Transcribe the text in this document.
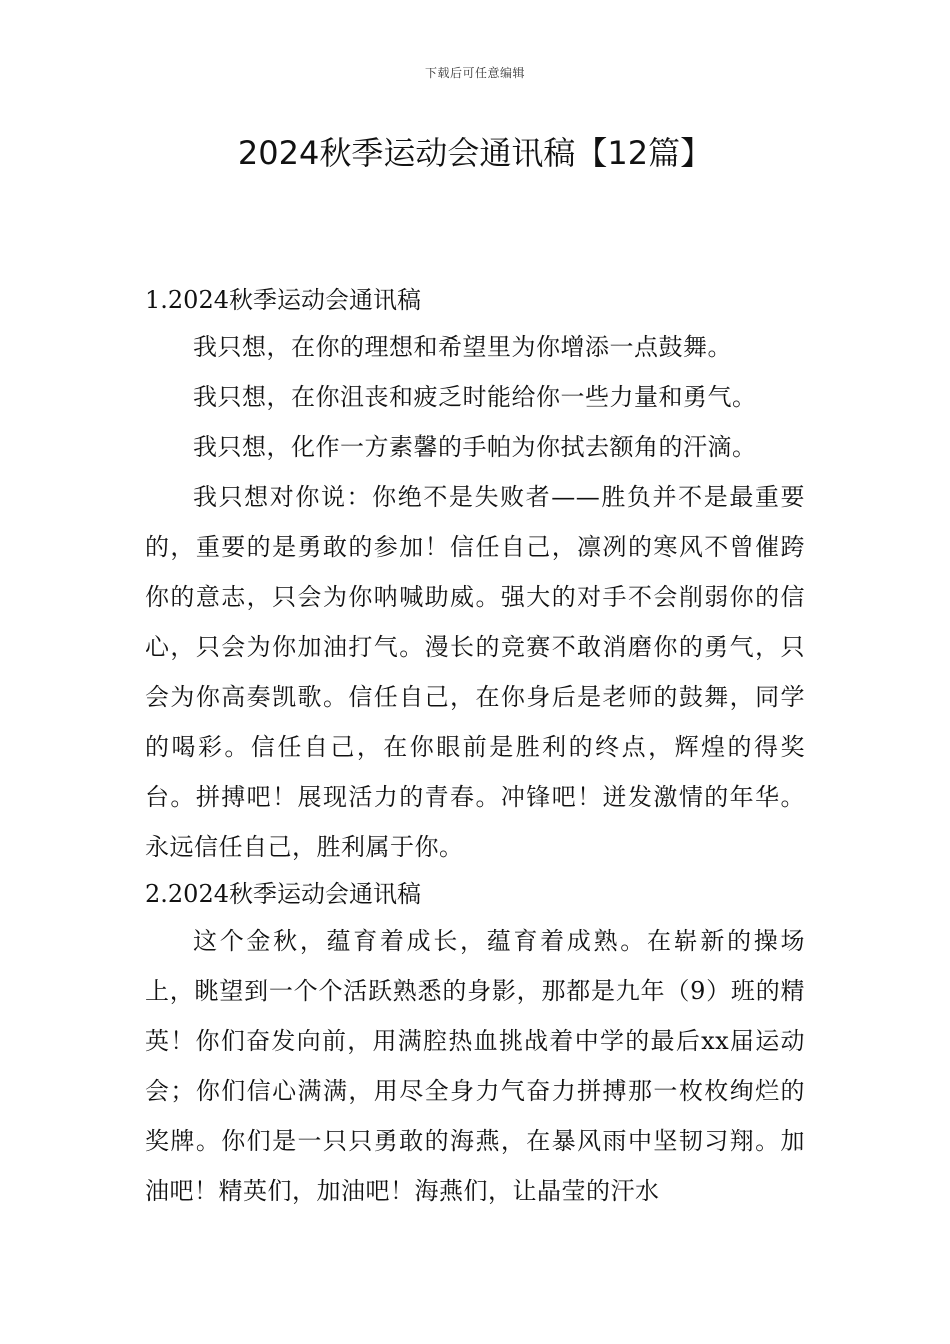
下载后可任意编辑
2024秋季运动会通讯稿【12篇】
1.2024秋季运动会通讯稿

我只想，在你的理想和希望里为你增添一点鼓舞。

我只想，在你沮丧和疲乏时能给你一些力量和勇气。

我只想，化作一方素馨的手帕为你拭去额角的汗滴。

我只想对你说：你绝不是失败者——胜负并不是最重要的，重要的是勇敢的参加！信任自己，凛冽的寒风不曾催跨你的意志，只会为你呐喊助威。强大的对手不会削弱你的信心，只会为你加油打气。漫长的竞赛不敢消磨你的勇气，只会为你高奏凯歌。信任自己，在你身后是老师的鼓舞，同学的喝彩。信任自己，在你眼前是胜利的终点，辉煌的得奖台。拼搏吧！展现活力的青春。冲锋吧！迸发激情的年华。永远信任自己，胜利属于你。

2.2024秋季运动会通讯稿

这个金秋，蕴育着成长，蕴育着成熟。在崭新的操场上，眺望到一个个活跃熟悉的身影，那都是九年（9）班的精英！你们奋发向前，用满腔热血挑战着中学的最后xx届运动会；你们信心满满，用尽全身力气奋力拼搏那一枚枚绚烂的奖牌。你们是一只只勇敢的海燕，在暴风雨中坚韧习翔。加油吧！精英们，加油吧！海燕们，让晶莹的汗水
